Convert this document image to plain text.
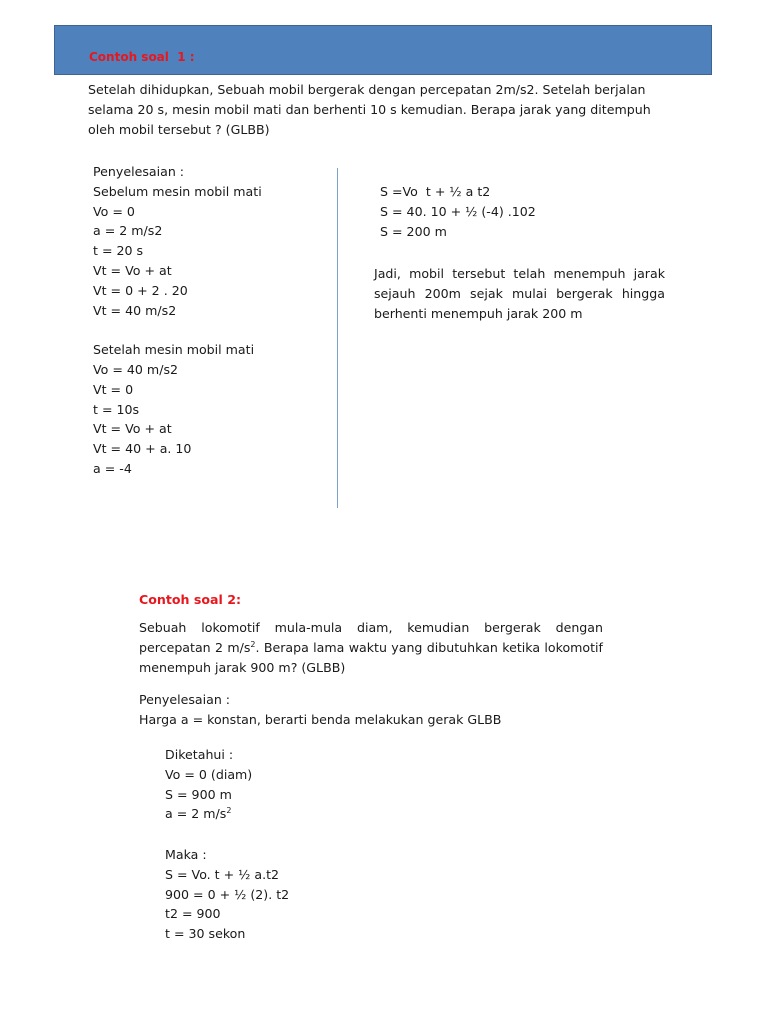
Contoh soal  1 :
Setelah dihidupkan, Sebuah mobil bergerak dengan percepatan 2m/s2. Setelah berjalan selama 20 s, mesin mobil mati dan berhenti 10 s kemudian. Berapa jarak yang ditempuh oleh mobil tersebut ? (GLBB)
Penyelesaian :
Sebelum mesin mobil mati
Vo = 0
a = 2 m/s2
t = 20 s
Vt = Vo + at
Vt = 0 + 2 . 20
Vt = 40 m/s2
Setelah mesin mobil mati
Vo = 40 m/s2
Vt = 0
t = 10s
Vt = Vo + at
Vt = 40 + a. 10
a = -4
S =Vo  t + ½ a t2
S = 40. 10 + ½ (-4) .102
S = 200 m
Jadi, mobil tersebut telah menempuh jarak sejauh 200m sejak mulai bergerak hingga berhenti menempuh jarak 200 m
Contoh soal 2:
Sebuah lokomotif mula-mula diam, kemudian bergerak dengan percepatan 2 $m/s^2$. Berapa lama waktu yang dibutuhkan ketika lokomotif menempuh jarak 900 m? (GLBB)
Penyelesaian :
Harga a = konstan, berarti benda melakukan gerak GLBB
Diketahui :
Vo = 0 (diam)
S = 900 m
a = 2 $m/s^2$
Maka :
S = Vo. t + ½ a.t2
900 = 0 + ½ (2). t2
t2 = 900
t = 30 sekon
